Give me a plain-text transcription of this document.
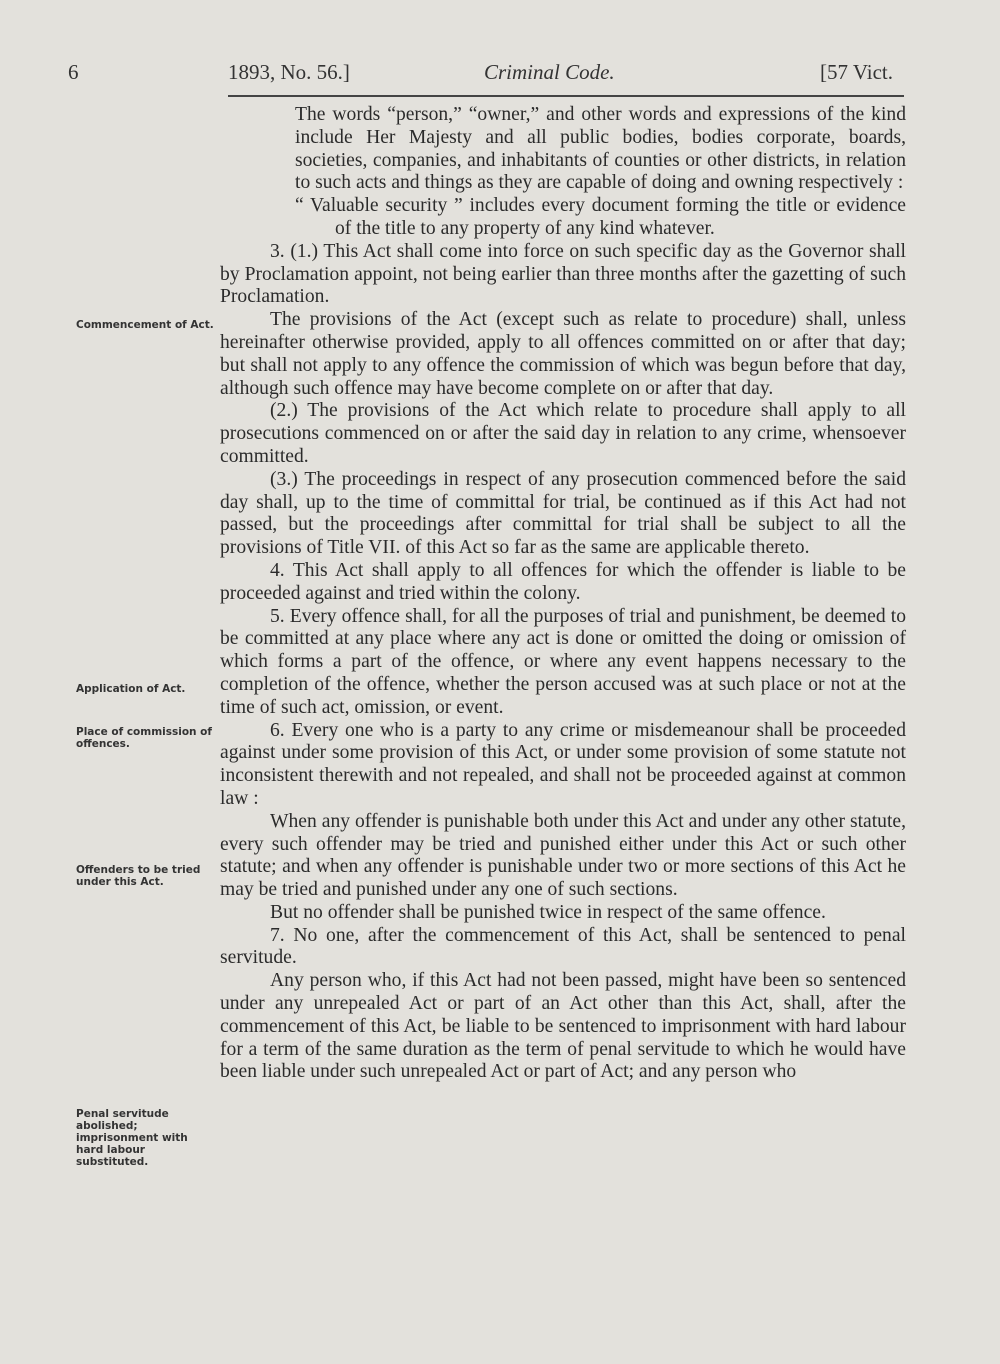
6	1893, No. 56.]	Criminal Code.	[57 Vict.
Commencement of Act.
Application of Act.
Place of commission of offences.
Offenders to be tried under this Act.
Penal servitude abolished; imprisonment with hard labour substituted.

The words “person,” “owner,” and other words and expressions of the kind include Her Majesty and all public bodies, bodies corporate, boards, societies, companies, and inhabitants of counties or other districts, in relation to such acts and things as they are capable of doing and owning respectively :

“ Valuable security ” includes every document forming the title or evidence of the title to any property of any kind whatever.

3. (1.) This Act shall come into force on such specific day as the Governor shall by Proclamation appoint, not being earlier than three months after the gazetting of such Proclamation.

The provisions of the Act (except such as relate to procedure) shall, unless hereinafter otherwise provided, apply to all offences committed on or after that day; but shall not apply to any offence the commission of which was begun before that day, although such offence may have become complete on or after that day.

(2.) The provisions of the Act which relate to procedure shall apply to all prosecutions commenced on or after the said day in relation to any crime, whensoever committed.

(3.) The proceedings in respect of any prosecution commenced before the said day shall, up to the time of committal for trial, be continued as if this Act had not passed, but the proceedings after committal for trial shall be subject to all the provisions of Title VII. of this Act so far as the same are applicable thereto.

4. This Act shall apply to all offences for which the offender is liable to be proceeded against and tried within the colony.

5. Every offence shall, for all the purposes of trial and punishment, be deemed to be committed at any place where any act is done or omitted the doing or omission of which forms a part of the offence, or where any event happens necessary to the completion of the offence, whether the person accused was at such place or not at the time of such act, omission, or event.

6. Every one who is a party to any crime or misdemeanour shall be proceeded against under some provision of this Act, or under some provision of some statute not inconsistent therewith and not repealed, and shall not be proceeded against at common law :

When any offender is punishable both under this Act and under any other statute, every such offender may be tried and punished either under this Act or such other statute; and when any offender is punishable under two or more sections of this Act he may be tried and punished under any one of such sections.

But no offender shall be punished twice in respect of the same offence.

7. No one, after the commencement of this Act, shall be sentenced to penal servitude.

Any person who, if this Act had not been passed, might have been so sentenced under any unrepealed Act or part of an Act other than this Act, shall, after the commencement of this Act, be liable to be sentenced to imprisonment with hard labour for a term of the same duration as the term of penal servitude to which he would have been liable under such unrepealed Act or part of Act; and any person who
